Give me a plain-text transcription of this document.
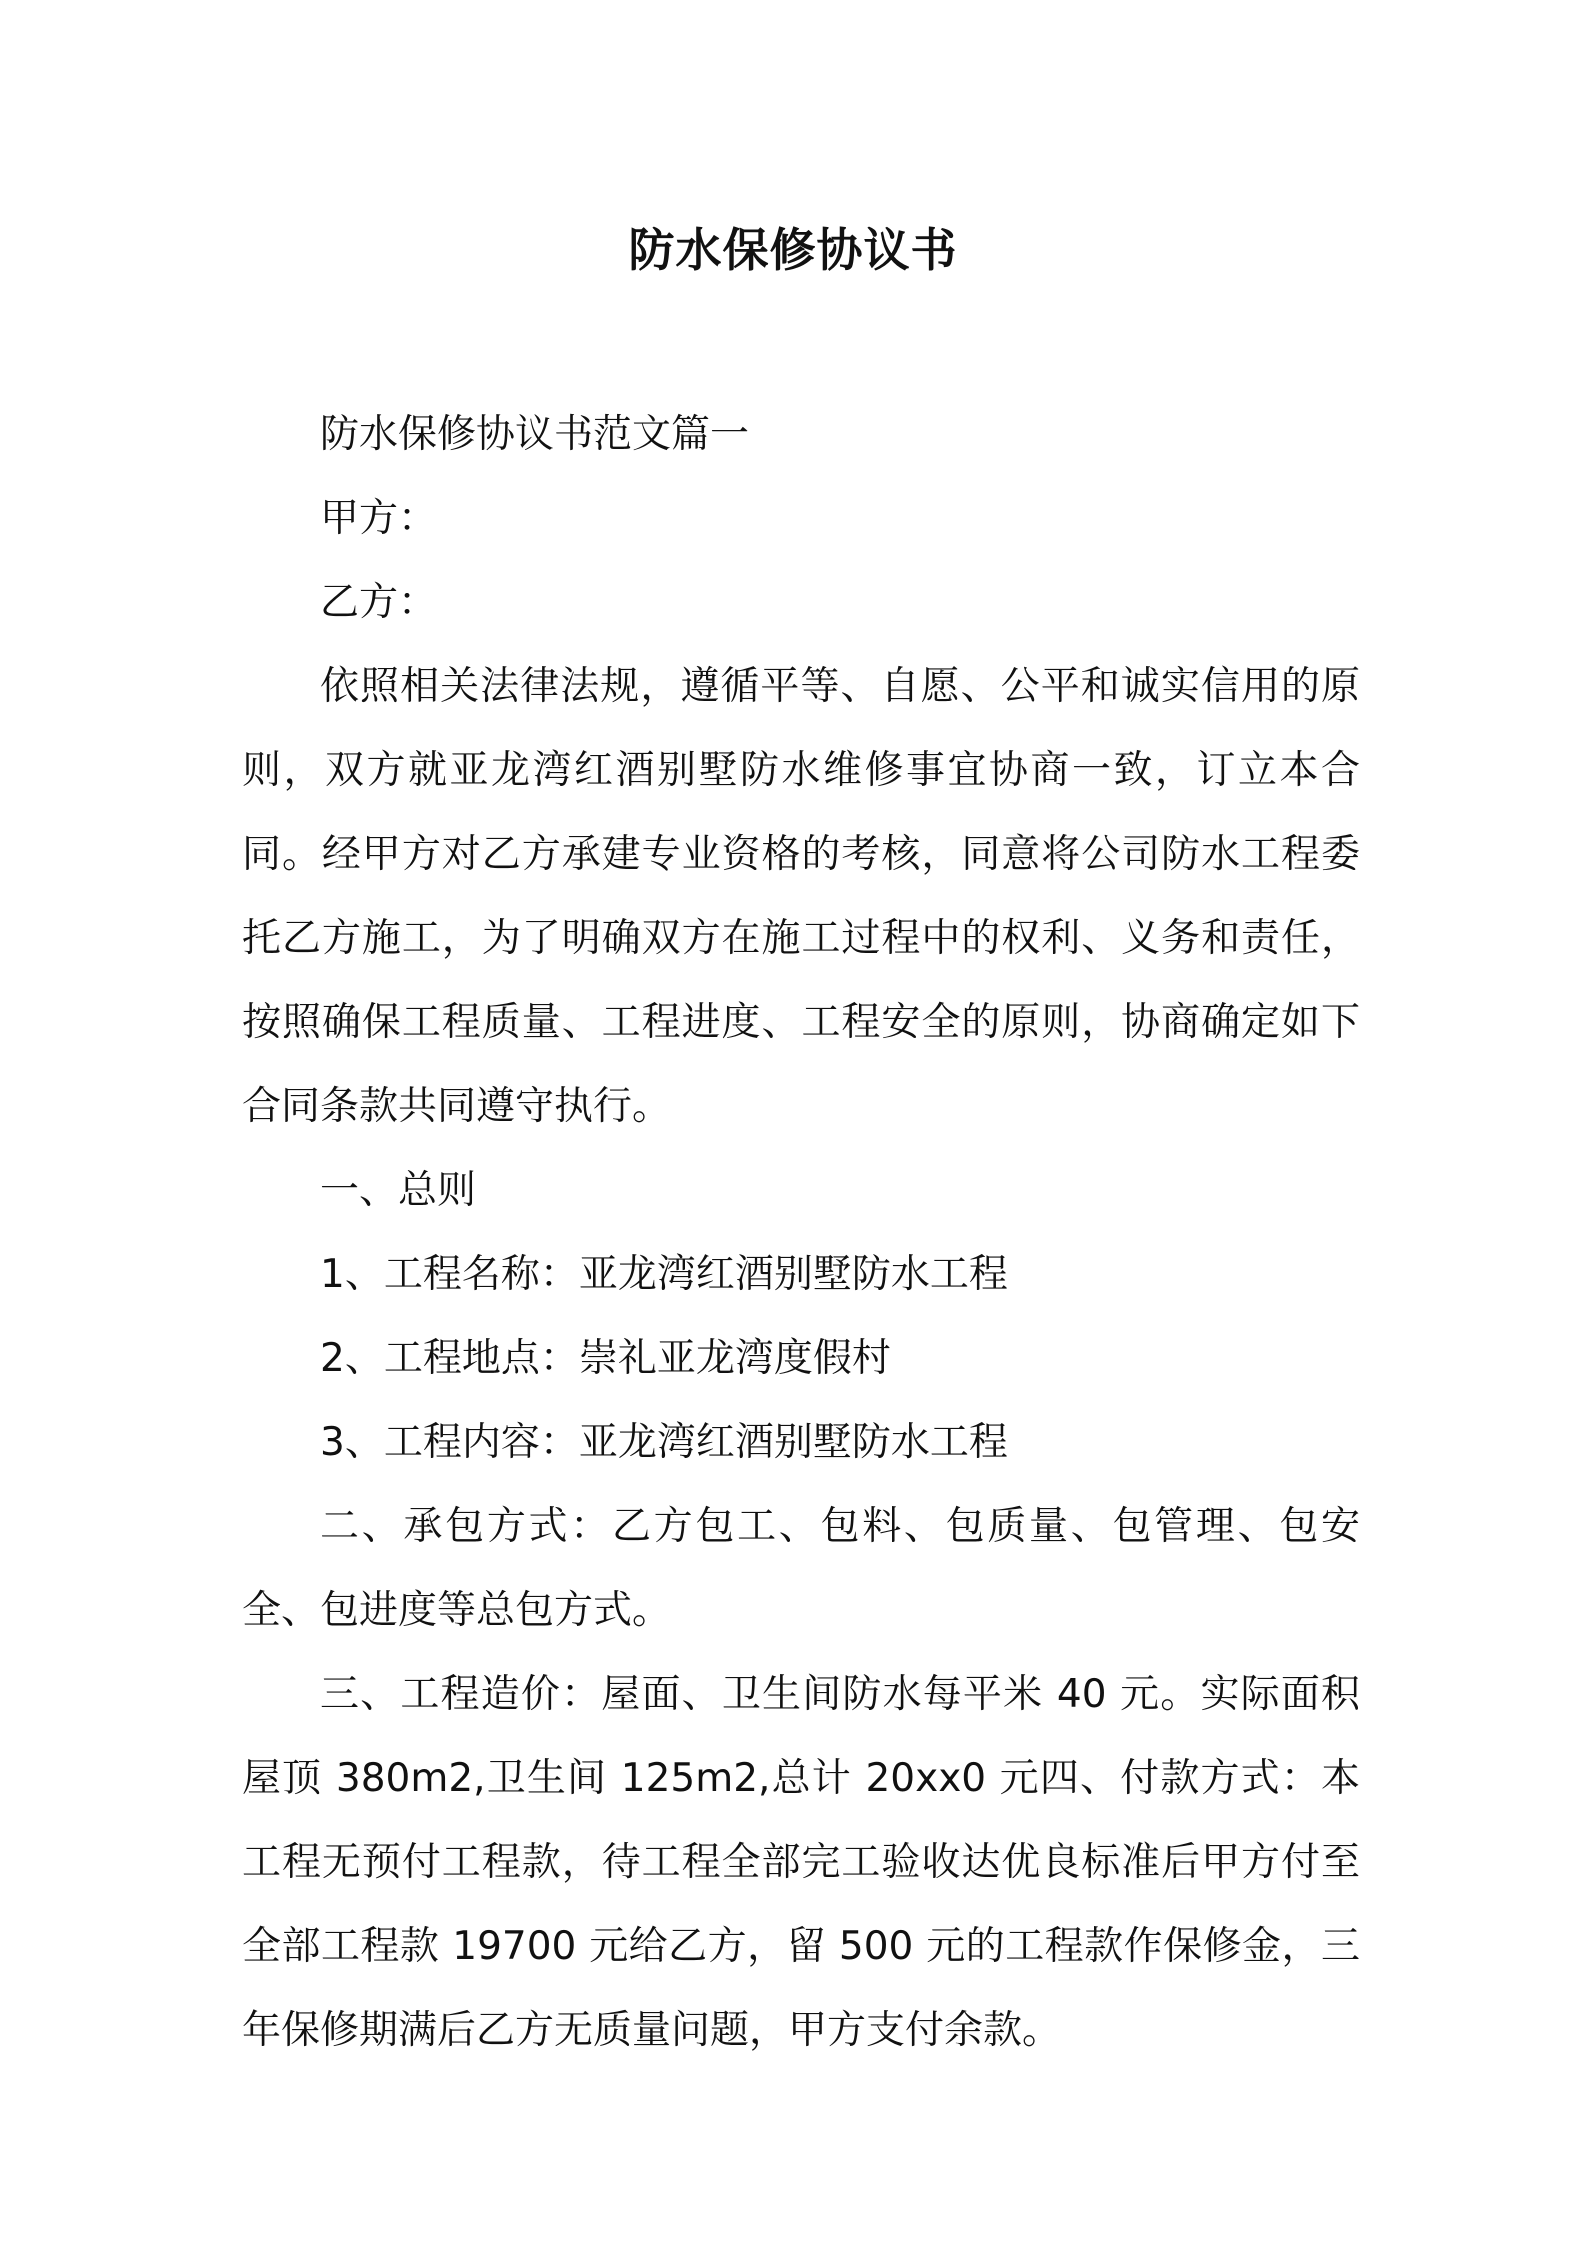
防水保修协议书

防水保修协议书范文篇一

甲方：

乙方：

依照相关法律法规，遵循平等、自愿、公平和诚实信用的原则，双方就亚龙湾红酒别墅防水维修事宜协商一致，订立本合同。经甲方对乙方承建专业资格的考核，同意将公司防水工程委托乙方施工，为了明确双方在施工过程中的权利、义务和责任，按照确保工程质量、工程进度、工程安全的原则，协商确定如下合同条款共同遵守执行。

一、总则

1、工程名称：亚龙湾红酒别墅防水工程

2、工程地点：崇礼亚龙湾度假村

3、工程内容：亚龙湾红酒别墅防水工程

二、承包方式：乙方包工、包料、包质量、包管理、包安全、包进度等总包方式。

三、工程造价：屋面、卫生间防水每平米 40 元。实际面积屋顶 380m2,卫生间 125m2,总计 20xx0 元四、付款方式：本工程无预付工程款，待工程全部完工验收达优良标准后甲方付至全部工程款 19700 元给乙方，留 500 元的工程款作保修金，三年保修期满后乙方无质量问题，甲方支付余款。
